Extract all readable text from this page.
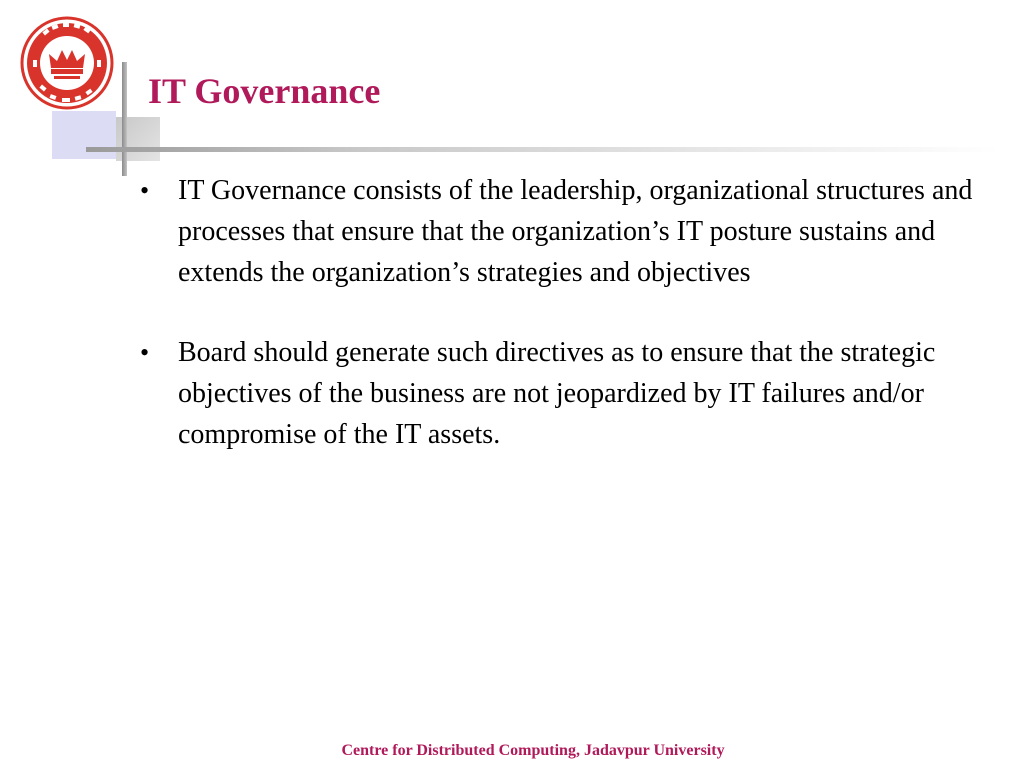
IT Governance
• IT Governance consists of the leadership, organizational structures and processes that ensure that the organization’s IT posture sustains and extends the organization’s strategies and objectives
• Board should generate such directives as to ensure that the strategic objectives of the business are not jeopardized by IT failures and/or compromise of the IT assets.
Centre for Distributed Computing, Jadavpur University
